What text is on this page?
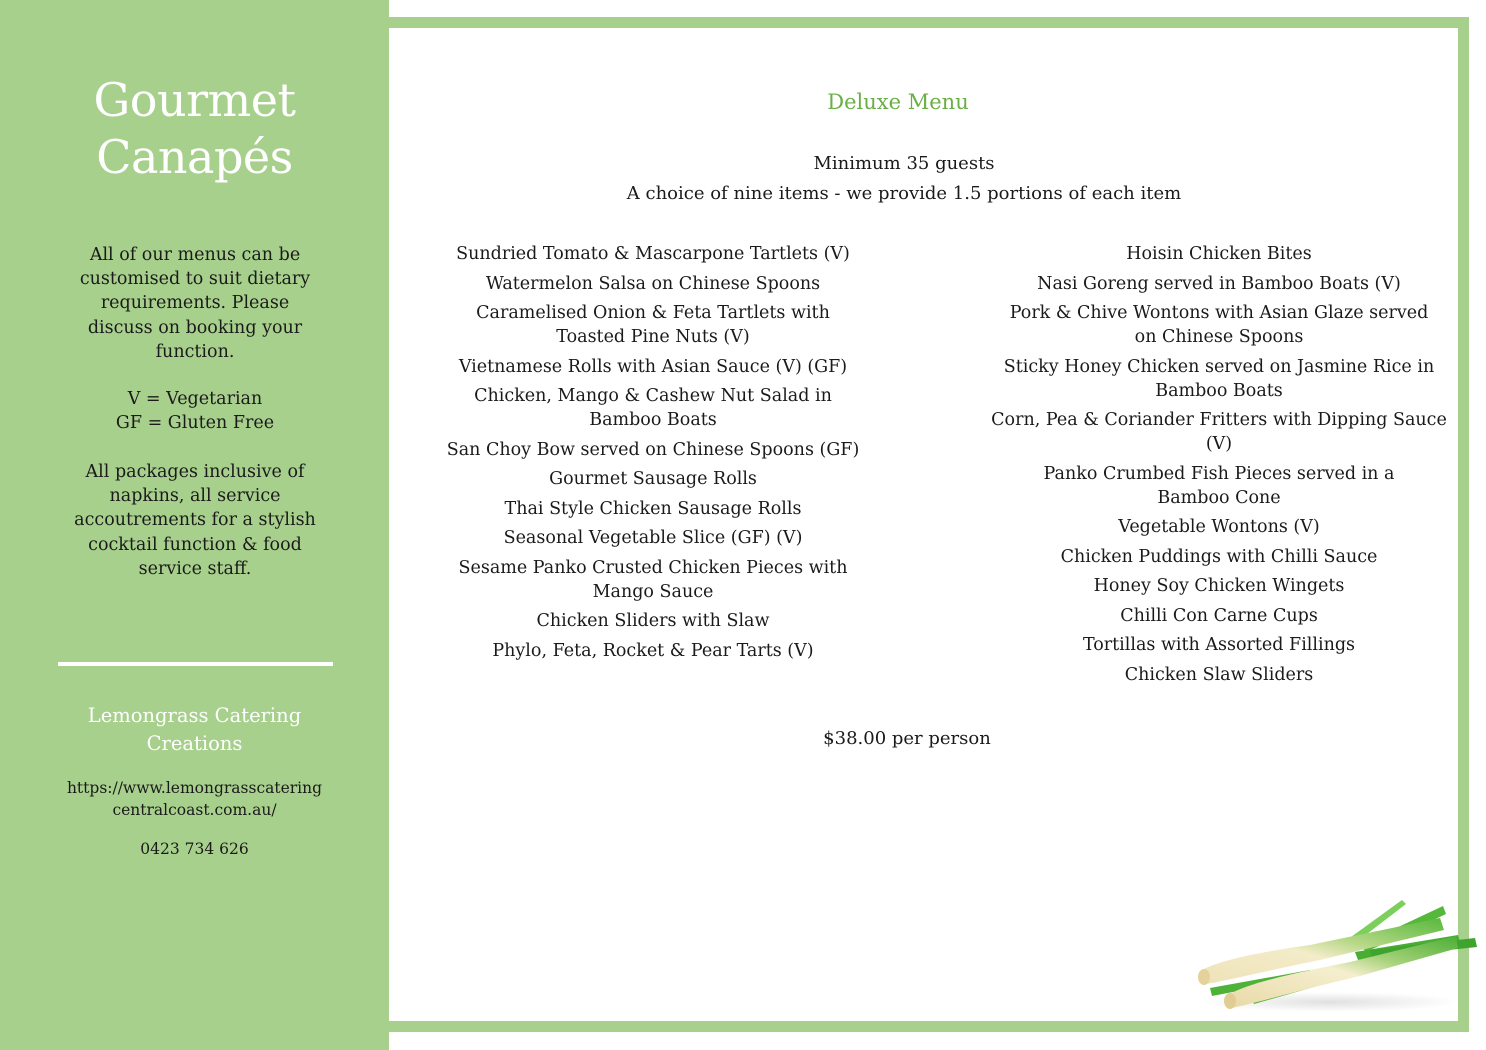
Gourmet
Canapés
All of our menus can be
customised to suit dietary
requirements. Please
discuss on booking your
function.
V = Vegetarian
GF = Gluten Free
All packages inclusive of
napkins, all service
accoutrements for a stylish
cocktail function & food
service staff.
Lemongrass Catering
Creations
https://www.lemongrasscatering
centralcoast.com.au/
0423 734 626
Deluxe Menu
Minimum 35 guests
A choice of nine items - we provide 1.5 portions of each item
Sundried Tomato & Mascarpone Tartlets (V)
Watermelon Salsa on Chinese Spoons
Caramelised Onion & Feta Tartlets with Toasted Pine Nuts (V)
Vietnamese Rolls with Asian Sauce (V) (GF)
Chicken, Mango & Cashew Nut Salad in Bamboo Boats
San Choy Bow served on Chinese Spoons (GF)
Gourmet Sausage Rolls
Thai Style Chicken Sausage Rolls
Seasonal Vegetable Slice (GF) (V)
Sesame Panko Crusted Chicken Pieces with Mango Sauce
Chicken Sliders with Slaw
Phylo, Feta, Rocket & Pear Tarts (V)
Hoisin Chicken Bites
Nasi Goreng served in Bamboo Boats (V)
Pork & Chive Wontons with Asian Glaze served on Chinese Spoons
Sticky Honey Chicken served on Jasmine Rice in Bamboo Boats
Corn, Pea & Coriander Fritters with Dipping Sauce (V)
Panko Crumbed Fish Pieces served in a Bamboo Cone
Vegetable Wontons (V)
Chicken Puddings with Chilli Sauce
Honey Soy Chicken Wingets
Chilli Con Carne Cups
Tortillas with Assorted Fillings
Chicken Slaw Sliders
$38.00 per person
